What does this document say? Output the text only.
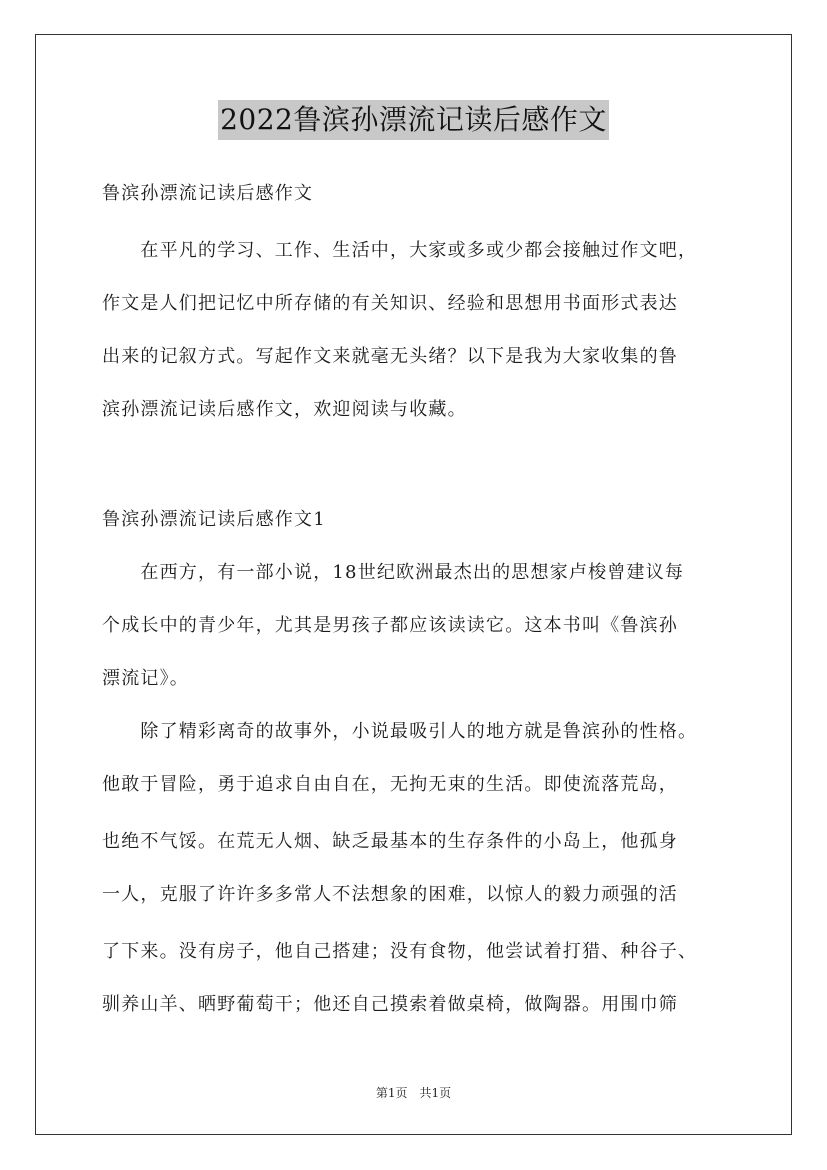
2022鲁滨孙漂流记读后感作文
鲁滨孙漂流记读后感作文
　　在平凡的学习、工作、生活中，大家或多或少都会接触过作文吧，
作文是人们把记忆中所存储的有关知识、经验和思想用书面形式表达
出来的记叙方式。写起作文来就毫无头绪？以下是我为大家收集的鲁
滨孙漂流记读后感作文，欢迎阅读与收藏。
鲁滨孙漂流记读后感作文1
　　在西方，有一部小说，18世纪欧洲最杰出的思想家卢梭曾建议每
个成长中的青少年，尤其是男孩子都应该读读它。这本书叫《鲁滨孙
漂流记》。
　　除了精彩离奇的故事外，小说最吸引人的地方就是鲁滨孙的性格。
他敢于冒险，勇于追求自由自在，无拘无束的生活。即使流落荒岛，
也绝不气馁。在荒无人烟、缺乏最基本的生存条件的小岛上，他孤身
一人，克服了许许多多常人不法想象的困难，以惊人的毅力顽强的活
了下来。没有房子，他自己搭建；没有食物，他尝试着打猎、种谷子、
驯养山羊、晒野葡萄干；他还自己摸索着做桌椅，做陶器。用围巾筛
第1页　共1页
